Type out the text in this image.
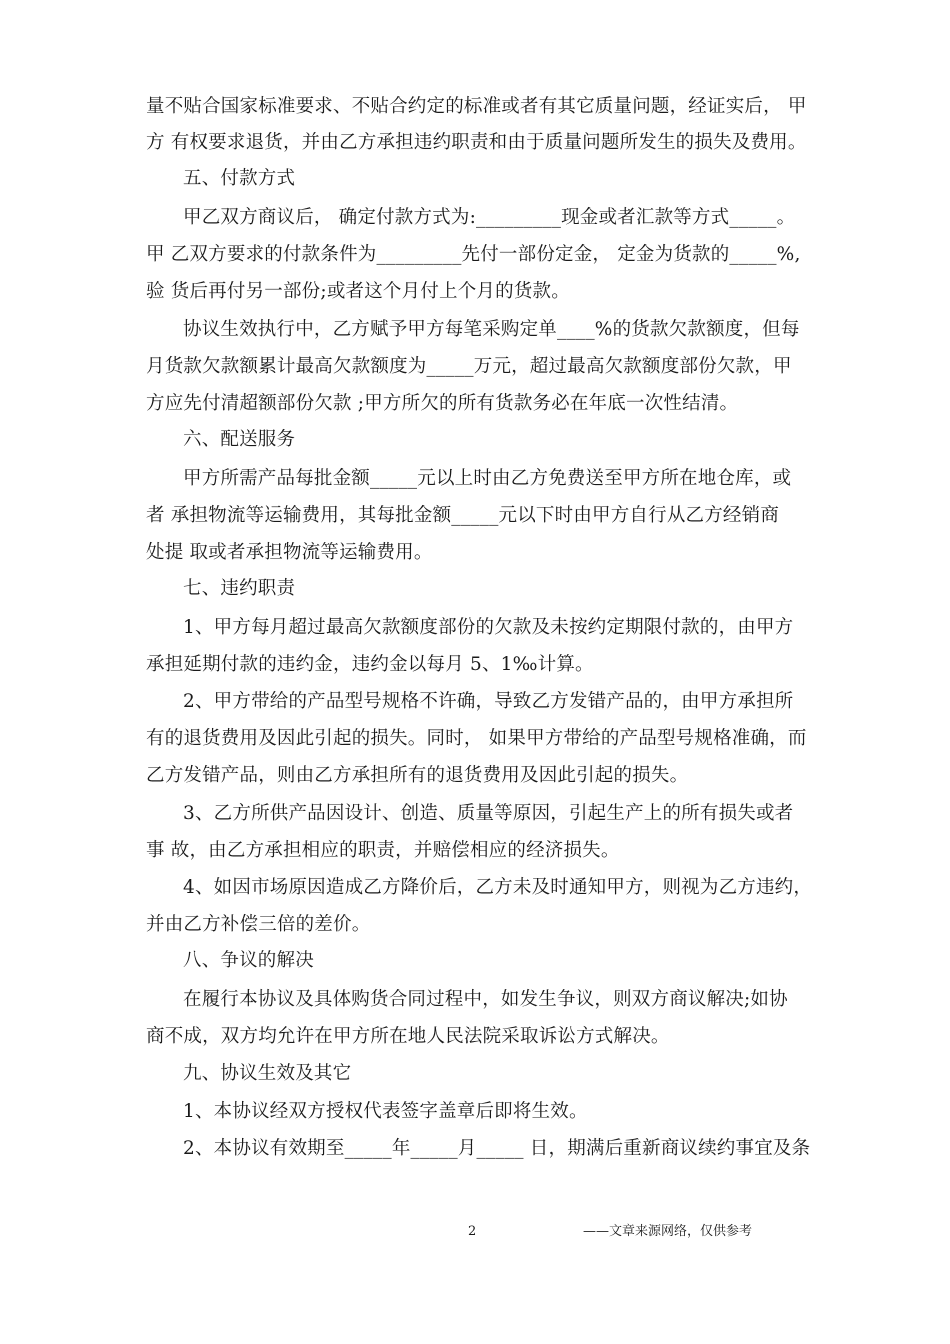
量不贴合国家标准要求、不贴合约定的标准或者有其它质量问题，经证实后， 甲
方 有权要求退货，并由乙方承担违约职责和由于质量问题所发生的损失及费用。
五、付款方式
甲乙双方商议后， 确定付款方式为:_________现金或者汇款等方式_____。
甲 乙双方要求的付款条件为_________先付一部份定金， 定金为货款的_____%,
验 货后再付另一部份;或者这个月付上个月的货款。
协议生效执行中，乙方赋予甲方每笔采购定单____%的货款欠款额度，但每
月货款欠款额累计最高欠款额度为_____万元，超过最高欠款额度部份欠款，甲
方应先付清超额部份欠款 ;甲方所欠的所有货款务必在年底一次性结清。
六、配送服务
甲方所需产品每批金额_____元以上时由乙方免费送至甲方所在地仓库，或
者 承担物流等运输费用，其每批金额_____元以下时由甲方自行从乙方经销商
处提 取或者承担物流等运输费用。
七、违约职责
1、甲方每月超过最高欠款额度部份的欠款及未按约定期限付款的，由甲方
承担延期付款的违约金，违约金以每月 5、1‰计算。
2、甲方带给的产品型号规格不许确，导致乙方发错产品的，由甲方承担所
有的退货费用及因此引起的损失。同时， 如果甲方带给的产品型号规格准确，而
乙方发错产品，则由乙方承担所有的退货费用及因此引起的损失。
3、乙方所供产品因设计、创造、质量等原因，引起生产上的所有损失或者
事 故，由乙方承担相应的职责，并赔偿相应的经济损失。
4、如因市场原因造成乙方降价后，乙方未及时通知甲方，则视为乙方违约，
并由乙方补偿三倍的差价。
八、争议的解决
在履行本协议及具体购货合同过程中，如发生争议，则双方商议解决;如协
商不成，双方均允许在甲方所在地人民法院采取诉讼方式解决。
九、协议生效及其它
1、本协议经双方授权代表签字盖章后即将生效。
2、本协议有效期至_____年_____月_____ 日，期满后重新商议续约事宜及条
2	——文章来源网络，仅供参考
